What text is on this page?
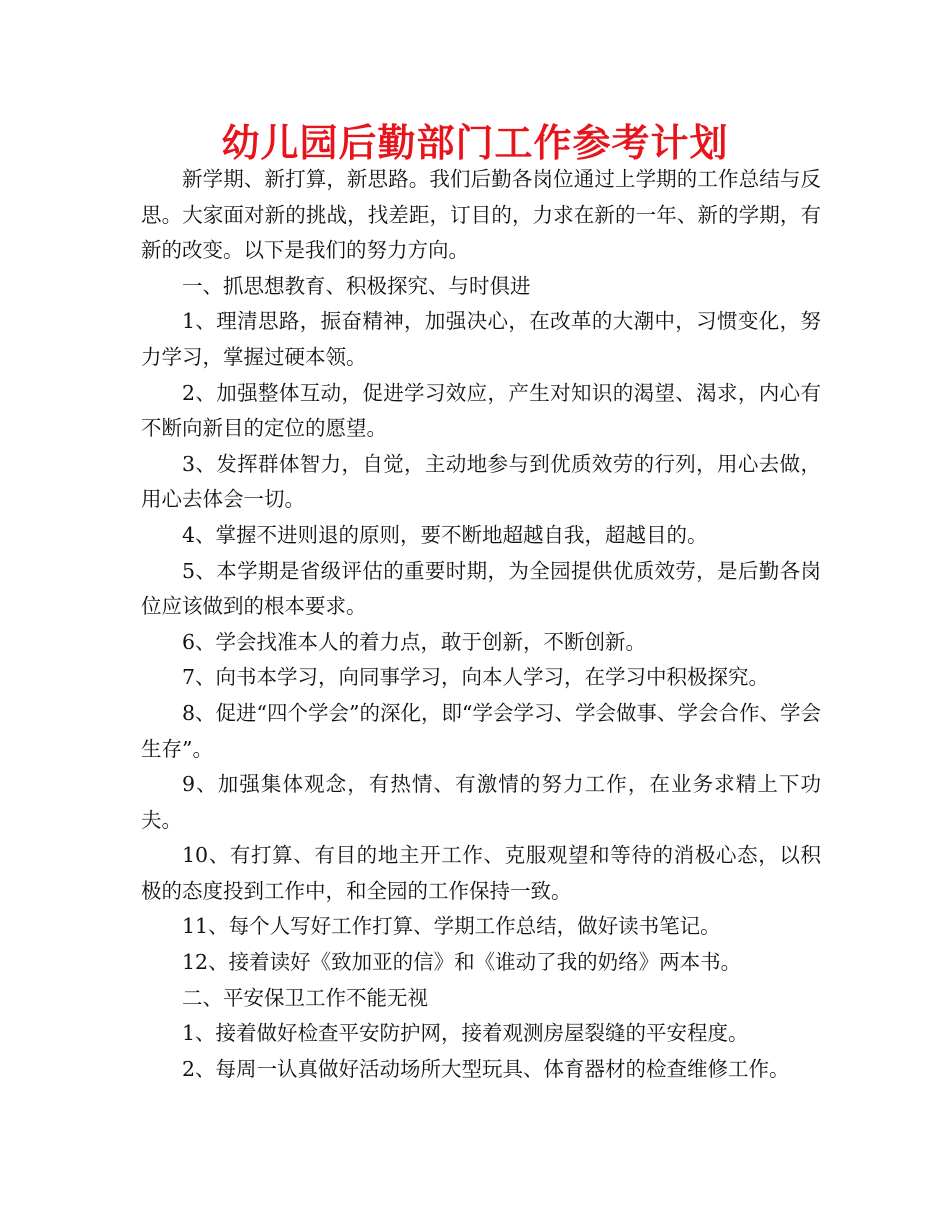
幼儿园后勤部门工作参考计划

新学期、新打算，新思路。我们后勤各岗位通过上学期的工作总结与反思。大家面对新的挑战，找差距，订目的，力求在新的一年、新的学期，有新的改变。以下是我们的努力方向。

一、抓思想教育、积极探究、与时俱进

1、理清思路，振奋精神，加强决心，在改革的大潮中，习惯变化，努力学习，掌握过硬本领。

2、加强整体互动，促进学习效应，产生对知识的渴望、渴求，内心有不断向新目的定位的愿望。

3、发挥群体智力，自觉，主动地参与到优质效劳的行列，用心去做，用心去体会一切。

4、掌握不进则退的原则，要不断地超越自我，超越目的。

5、本学期是省级评估的重要时期，为全园提供优质效劳，是后勤各岗位应该做到的根本要求。

6、学会找准本人的着力点，敢于创新，不断创新。

7、向书本学习，向同事学习，向本人学习，在学习中积极探究。

8、促进“四个学会”的深化，即“学会学习、学会做事、学会合作、学会生存”。

9、加强集体观念，有热情、有激情的努力工作，在业务求精上下功夫。

10、有打算、有目的地主开工作、克服观望和等待的消极心态，以积极的态度投到工作中，和全园的工作保持一致。

11、每个人写好工作打算、学期工作总结，做好读书笔记。

12、接着读好《致加亚的信》和《谁动了我的奶络》两本书。

二、平安保卫工作不能无视

1、接着做好检查平安防护网，接着观测房屋裂缝的平安程度。

2、每周一认真做好活动场所大型玩具、体育器材的检查维修工作。
